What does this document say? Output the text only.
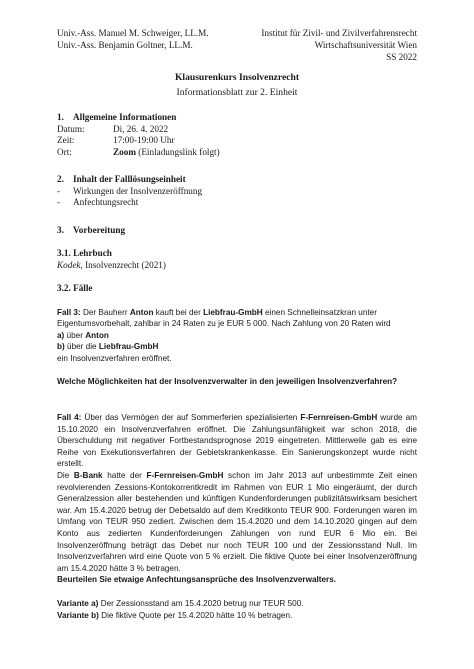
Univ.-Ass. Manuel M. Schweiger, LL.M.
Univ.-Ass. Benjamin Goltner, LL.M.
Institut für Zivil- und Zivilverfahrensrecht
Wirtschaftsuniversität Wien
SS 2022
Klausurenkurs Insolvenzrecht
Informationsblatt zur 2. Einheit
1. Allgemeine Informationen
Datum:	Di, 26. 4. 2022
Zeit:	17:00-19:00 Uhr
Ort:	Zoom (Einladungslink folgt)
2. Inhalt der Falllösungseinheit
-	Wirkungen der Insolvenzeröffnung
-	Anfechtungsrecht
3. Vorbereitung
3.1. Lehrbuch
Kodek, Insolvenzrecht (2021)
3.2. Fälle
Fall 3: Der Bauherr Anton kauft bei der Liebfrau-GmbH einen Schnelleinsatzkran unter Eigentumsvorbehalt, zahlbar in 24 Raten zu je EUR 5 000. Nach Zahlung von 20 Raten wird
a) über Anton
b) über die Liebfrau-GmbH
ein Insolvenzverfahren eröffnet.
Welche Möglichkeiten hat der Insolvenzverwalter in den jeweiligen Insolvenzverfahren?
Fall 4: Über das Vermögen der auf Sommerferien spezialisierten F-Fernreisen-GmbH wurde am 15.10.2020 ein Insolvenzverfahren eröffnet. Die Zahlungsunfähigkeit war schon 2018, die Überschuldung mit negativer Fortbestandsprognose 2019 eingetreten. Mittlerweile gab es eine Reihe von Exekutionsverfahren der Gebietskrankenkasse. Ein Sanierungskonzept wurde nicht erstellt.
Die B-Bank hatte der F-Fernreisen-GmbH schon im Jahr 2013 auf unbestimmte Zeit einen revolvierenden Zessions-Kontokorrentkredit im Rahmen von EUR 1 Mio eingeräumt, der durch Generalzession aller bestehenden und künftigen Kundenforderungen publizitätswirksam besichert war. Am 15.4.2020 betrug der Debetsaldo auf dem Kreditkonto TEUR 900. Forderungen waren im Umfang von TEUR 950 zediert. Zwischen dem 15.4.2020 und dem 14.10.2020 gingen auf dem Konto aus zedierten Kundenforderungen Zahlungen von rund EUR 6 Mio ein. Bei Insolvenzeröffnung beträgt das Debet nur noch TEUR 100 und der Zessionsstand Null. Im Insolvenzverfahren wird eine Quote von 5 % erzielt. Die fiktive Quote bei einer Insolvenzeröffnung am 15.4.2020 hätte 3 % betragen.
Beurteilen Sie etwaige Anfechtungsansprüche des Insolvenzverwalters.
Variante a) Der Zessionsstand am 15.4.2020 betrug nur TEUR 500.
Variante b) Die fiktive Quote per 15.4.2020 hätte 10 % betragen.
